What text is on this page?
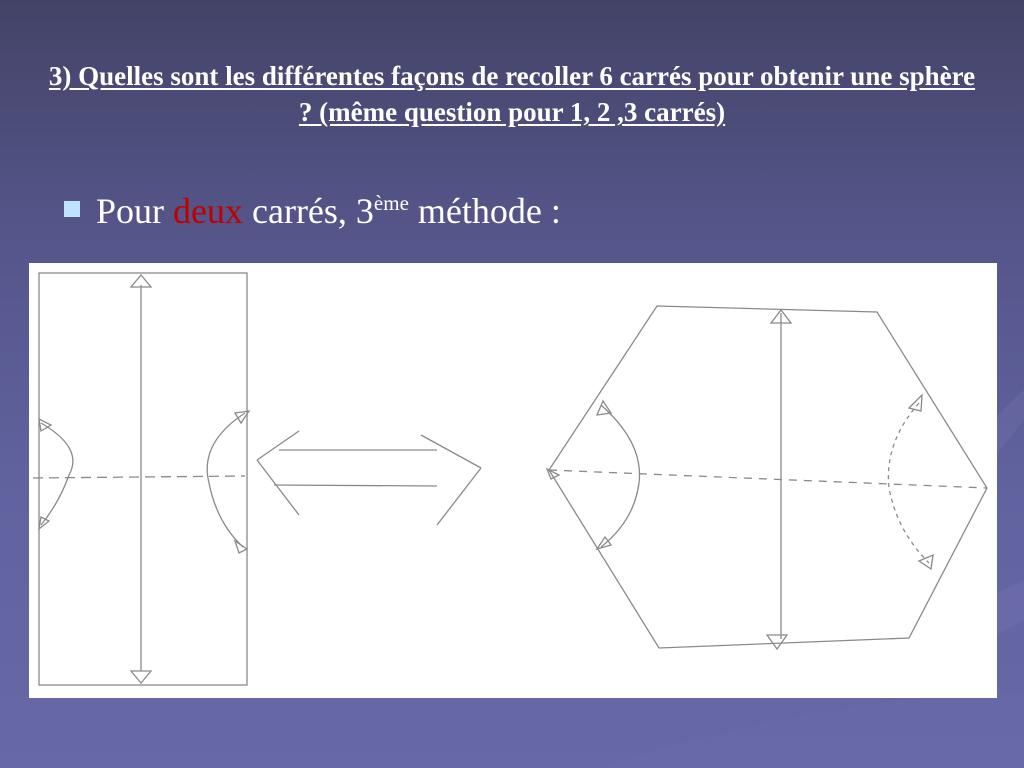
3) Quelles sont les différentes façons de recoller 6 carrés pour obtenir une sphère ? (même question pour 1, 2 ,3 carrés)
Pour deux carrés, 3ème méthode :
